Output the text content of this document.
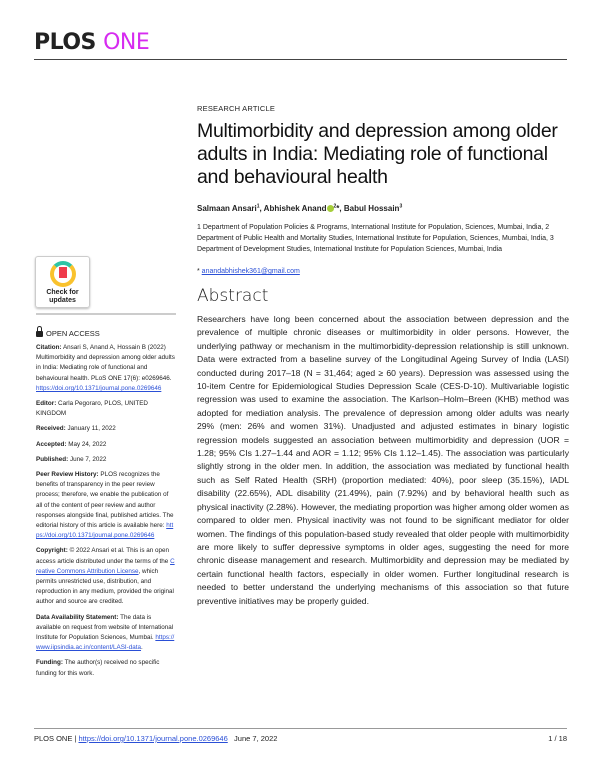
PLOS ONE
RESEARCH ARTICLE
Multimorbidity and depression among older adults in India: Mediating role of functional and behavioural health
Salmaan Ansari$^1$, Abhishek Anand $^2$*, Babul Hossain$^3$
1 Department of Population Policies & Programs, International Institute for Population, Sciences, Mumbai, India, 2 Department of Public Health and Mortality Studies, International Institute for Population, Sciences, Mumbai, India, 3 Department of Development Studies, International Institute for Population Sciences, Mumbai, India
* anandabhishek361@gmail.com
Abstract
Researchers have long been concerned about the association between depression and the prevalence of multiple chronic diseases or multimorbidity in older persons. However, the underlying pathway or mechanism in the multimorbidity-depression relationship is still unknown. Data were extracted from a baseline survey of the Longitudinal Ageing Survey of India (LASI) conducted during 2017–18 (N = 31,464; aged ≥ 60 years). Depression was assessed using the 10-item Centre for Epidemiological Studies Depression Scale (CES-D-10). Multivariable logistic regression was used to examine the association. The Karlson–Holm–Breen (KHB) method was adopted for mediation analysis. The prevalence of depression among older adults was nearly 29% (men: 26% and women 31%). Unadjusted and adjusted estimates in binary logistic regression models suggested an association between multimorbidity and depression (UOR = 1.28; 95% CIs 1.27–1.44 and AOR = 1.12; 95% CIs 1.12–1.45). The association was particularly slightly strong in the older men. In addition, the association was mediated by functional health such as Self Rated Health (SRH) (proportion mediated: 40%), poor sleep (35.15%), IADL disability (22.65%), ADL disability (21.49%), pain (7.92%) and by behavioral health such as physical inactivity (2.28%). However, the mediating proportion was higher among older women as compared to older men. Physical inactivity was not found to be significant mediator for older women. The findings of this population-based study revealed that older people with multimorbidity are more likely to suffer depressive symptoms in older ages, suggesting the need for more chronic disease management and research. Multimorbidity and depression may be mediated by certain functional health factors, especially in older women. Further longitudinal research is needed to better understand the underlying mechanisms of this association so that future preventive initiatives may be properly guided.
Check for
updates

OPEN ACCESS

Citation: Ansari S, Anand A, Hossain B (2022) Multimorbidity and depression among older adults in India: Mediating role of functional and behavioural health. PLoS ONE 17(6): e0269646. https://doi.org/10.1371/journal.pone.0269646

Editor: Carla Pegoraro, PLOS, UNITED KINGDOM

Received: January 11, 2022

Accepted: May 24, 2022

Published: June 7, 2022

Peer Review History: PLOS recognizes the benefits of transparency in the peer review process; therefore, we enable the publication of all of the content of peer review and author responses alongside final, published articles. The editorial history of this article is available here: https://doi.org/10.1371/journal.pone.0269646

Copyright: © 2022 Ansari et al. This is an open access article distributed under the terms of the Creative Commons Attribution License, which permits unrestricted use, distribution, and reproduction in any medium, provided the original author and source are credited.

Data Availability Statement: The data is available on request from website of International Institute for Population Sciences, Mumbai. https://www.iipsindia.ac.in/content/LASI-data.

Funding: The author(s) received no specific funding for this work.

PLOS ONE | https://doi.org/10.1371/journal.pone.0269646
June 7, 2022	1 / 18
